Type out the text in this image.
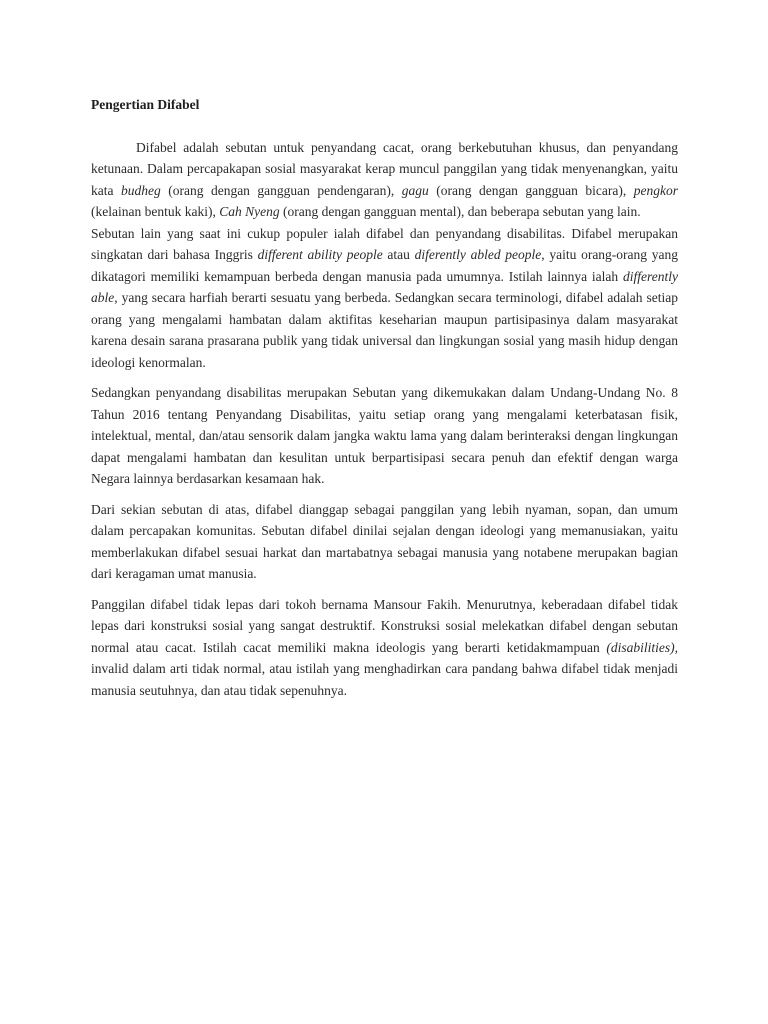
Pengertian Difabel

Difabel adalah sebutan untuk penyandang cacat, orang berkebutuhan khusus, dan penyandang ketunaan. Dalam percapakapan sosial masyarakat kerap muncul panggilan yang tidak menyenangkan, yaitu kata budheg (orang dengan gangguan pendengaran), gagu (orang dengan gangguan bicara), pengkor (kelainan bentuk kaki), Cah Nyeng (orang dengan gangguan mental), dan beberapa sebutan yang lain.

Sebutan lain yang saat ini cukup populer ialah difabel dan penyandang disabilitas. Difabel merupakan singkatan dari bahasa Inggris different ability people atau diferently abled people, yaitu orang-orang yang dikatagori memiliki kemampuan berbeda dengan manusia pada umumnya. Istilah lainnya ialah differently able, yang secara harfiah berarti sesuatu yang berbeda. Sedangkan secara terminologi, difabel adalah setiap orang yang mengalami hambatan dalam aktifitas keseharian maupun partisipasinya dalam masyarakat karena desain sarana prasarana publik yang tidak universal dan lingkungan sosial yang masih hidup dengan ideologi kenormalan.

Sedangkan penyandang disabilitas merupakan Sebutan yang dikemukakan dalam Undang-Undang No. 8 Tahun 2016 tentang Penyandang Disabilitas, yaitu setiap orang yang mengalami keterbatasan fisik, intelektual, mental, dan/atau sensorik dalam jangka waktu lama yang dalam berinteraksi dengan lingkungan dapat mengalami hambatan dan kesulitan untuk berpartisipasi secara penuh dan efektif dengan warga Negara lainnya berdasarkan kesamaan hak.

Dari sekian sebutan di atas, difabel dianggap sebagai panggilan yang lebih nyaman, sopan, dan umum dalam percapakan komunitas. Sebutan difabel dinilai sejalan dengan ideologi yang memanusiakan, yaitu memberlakukan difabel sesuai harkat dan martabatnya sebagai manusia yang notabene merupakan bagian dari keragaman umat manusia.

Panggilan difabel tidak lepas dari tokoh bernama Mansour Fakih. Menurutnya, keberadaan difabel tidak lepas dari konstruksi sosial yang sangat destruktif. Konstruksi sosial melekatkan difabel dengan sebutan normal atau cacat. Istilah cacat memiliki makna ideologis yang berarti ketidakmampuan (disabilities), invalid dalam arti tidak normal, atau istilah yang menghadirkan cara pandang bahwa difabel tidak menjadi manusia seutuhnya, dan atau tidak sepenuhnya.
